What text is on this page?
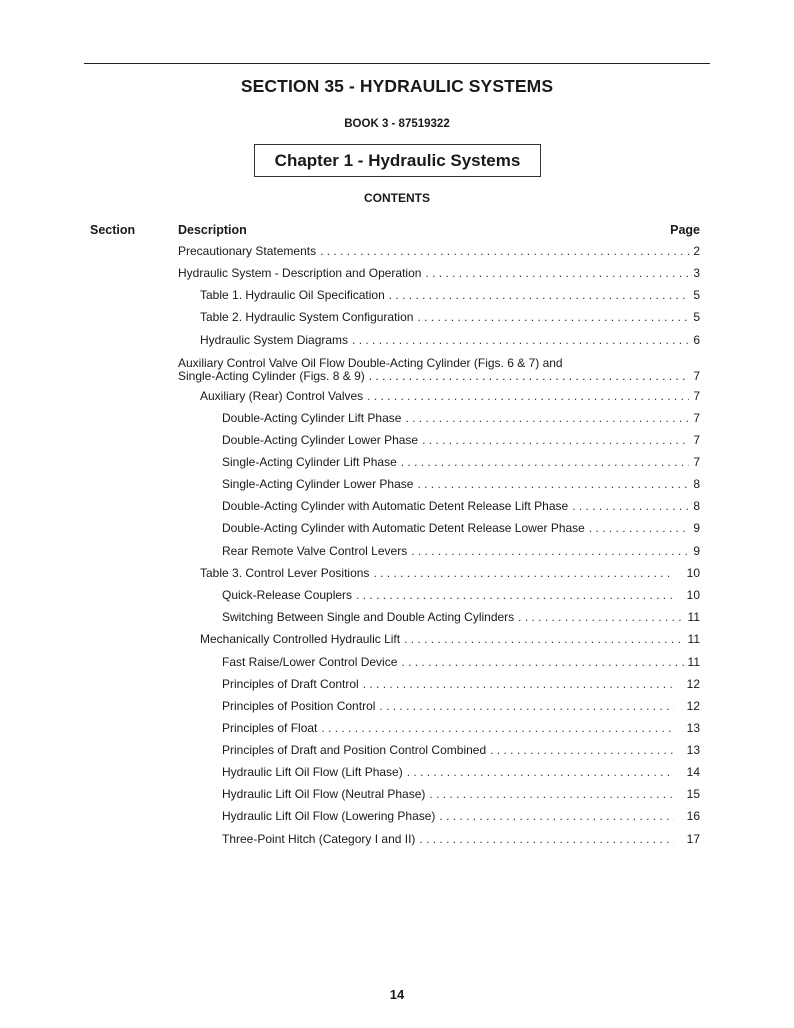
SECTION 35 - HYDRAULIC SYSTEMS
BOOK 3 - 87519322
Chapter 1 - Hydraulic Systems
CONTENTS
Section	Description	Page
Precautionary Statements . . .	2
Hydraulic System - Description and Operation . . .	3
Table 1. Hydraulic Oil Specification . . .	5
Table 2. Hydraulic System Configuration . . .	5
Hydraulic System Diagrams . . .	6
Auxiliary Control Valve Oil Flow Double-Acting Cylinder (Figs. 6 & 7) and
Single-Acting Cylinder (Figs. 8 & 9) . . .	7
Auxiliary (Rear) Control Valves . . .	7
Double-Acting Cylinder Lift Phase . . .	7
Double-Acting Cylinder Lower Phase . . .	7
Single-Acting Cylinder Lift Phase . . .	7
Single-Acting Cylinder Lower Phase . . .	8
Double-Acting Cylinder with Automatic Detent Release Lift Phase . . .	8
Double-Acting Cylinder with Automatic Detent Release Lower Phase . . .	9
Rear Remote Valve Control Levers . . .	9
Table 3. Control Lever Positions . . .	10
Quick-Release Couplers . . .	10
Switching Between Single and Double Acting Cylinders . . .	11
Mechanically Controlled Hydraulic Lift . . .	11
Fast Raise/Lower Control Device . . .	11
Principles of Draft Control . . .	12
Principles of Position Control . . .	12
Principles of Float . . .	13
Principles of Draft and Position Control Combined . . .	13
Hydraulic Lift Oil Flow (Lift Phase) . . .	14
Hydraulic Lift Oil Flow (Neutral Phase) . . .	15
Hydraulic Lift Oil Flow (Lowering Phase) . . .	16
Three-Point Hitch (Category I and II) . . .	17
14
